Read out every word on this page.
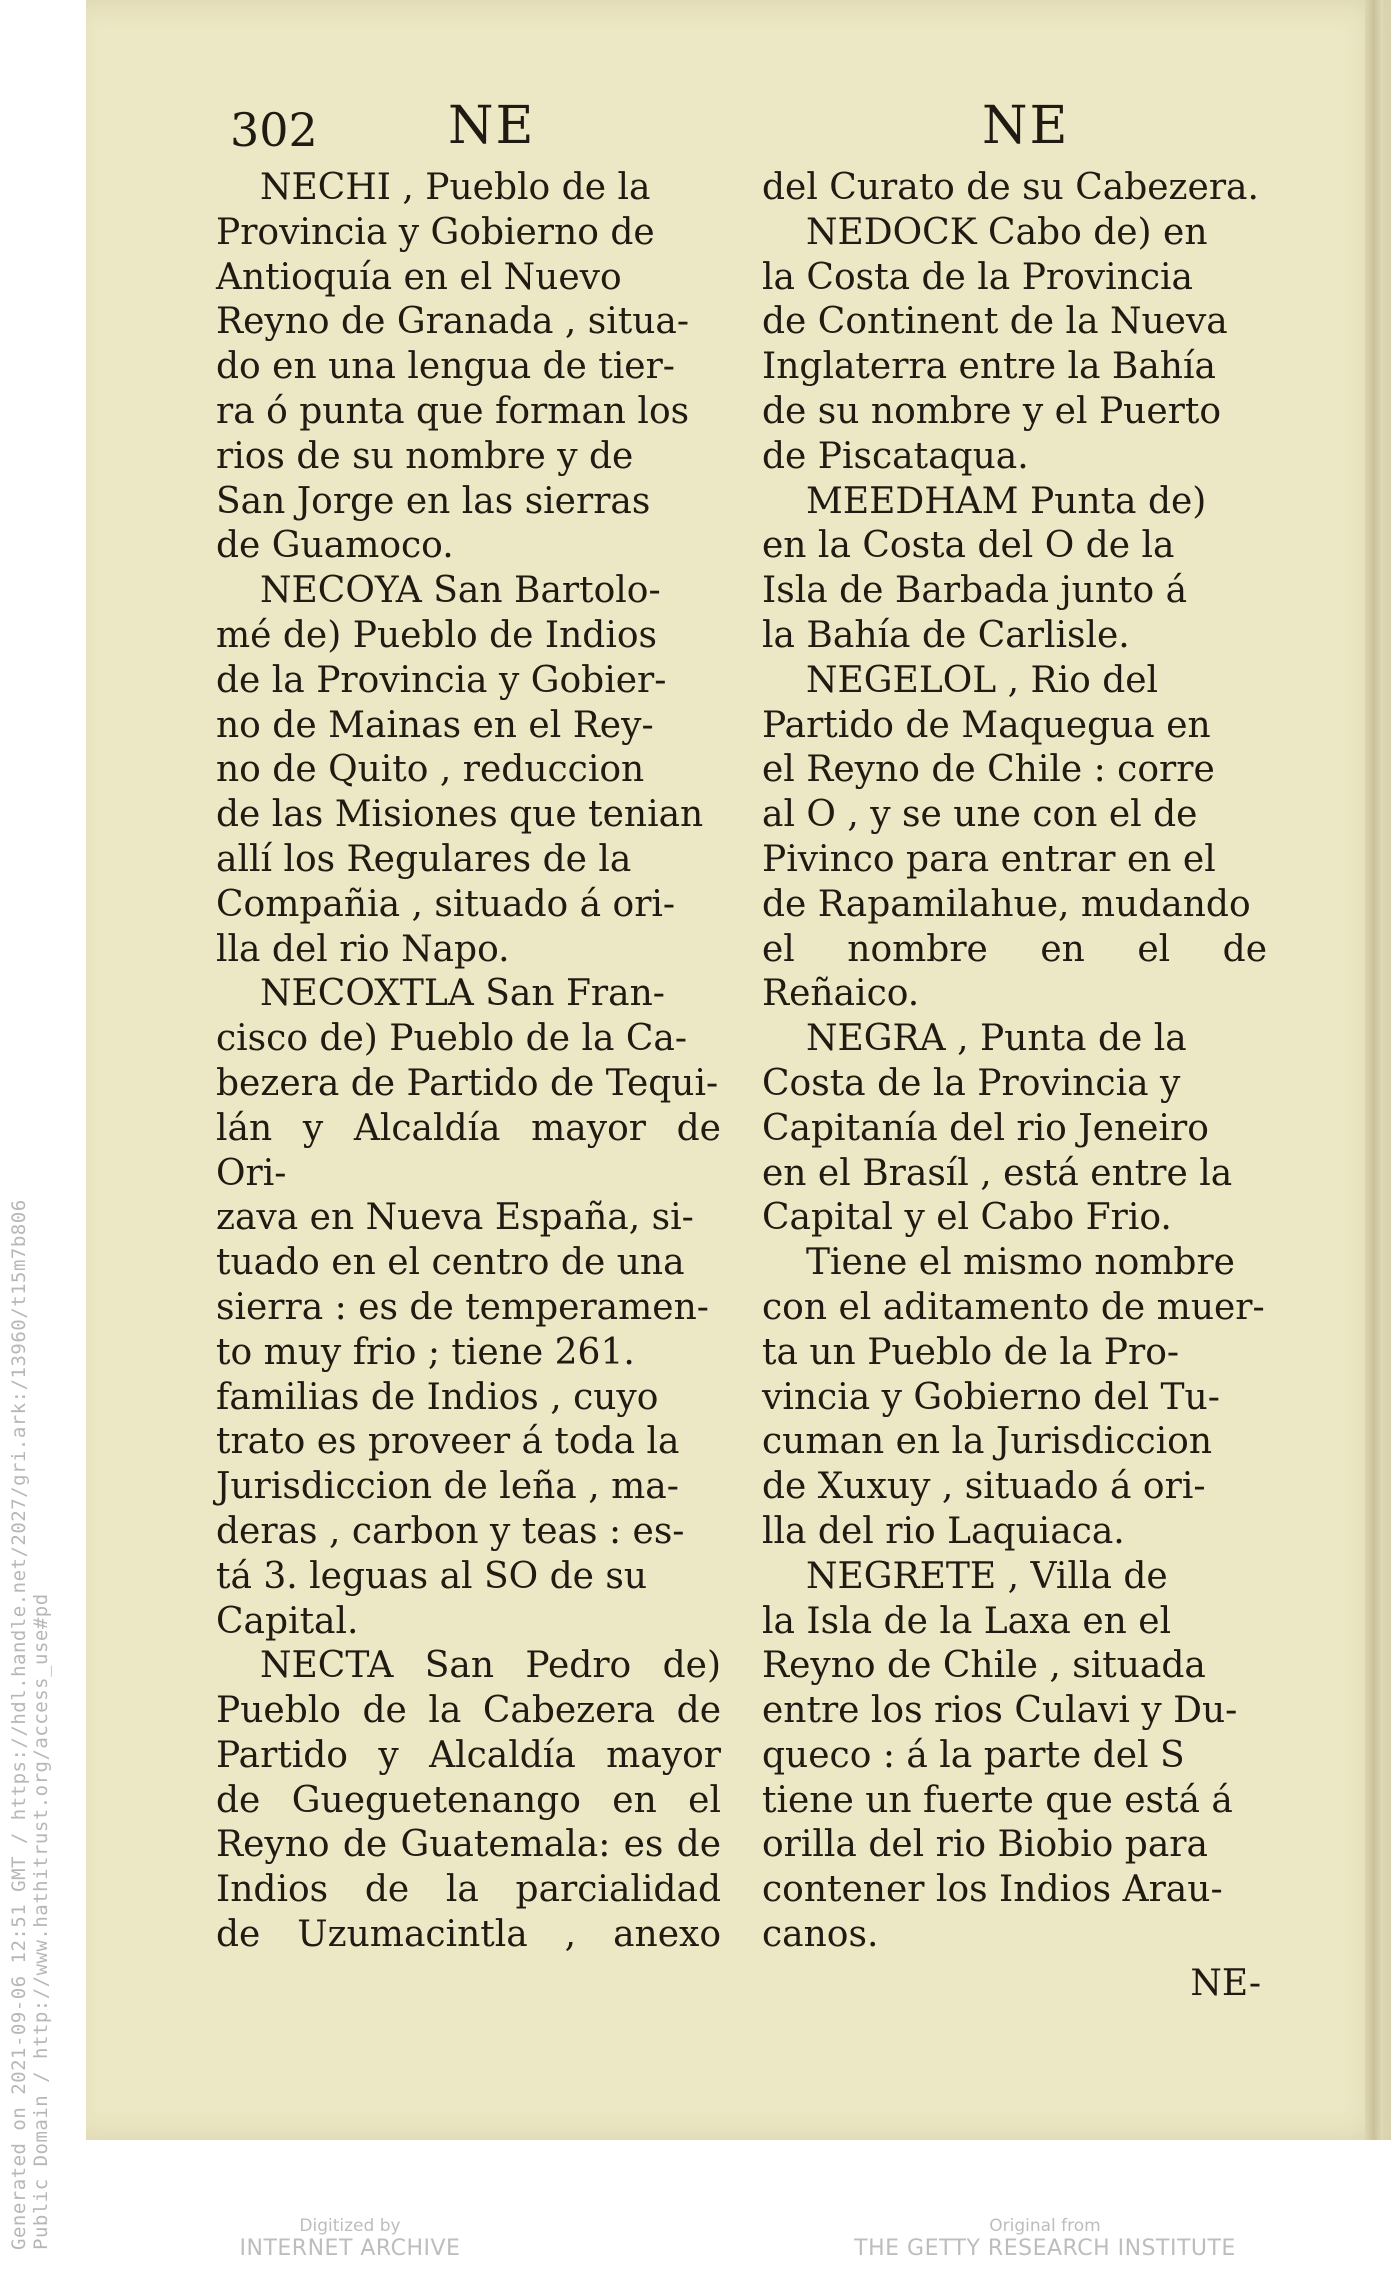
Generated on 2021-09-06 12:51 GMT / https://hdl.handle.net/2027/gri.ark:/13960/t15m7b806 Public Domain / http://www.hathitrust.org/access_use#pd
302	NE

NECHI , Pueblo de la
Provincia y Gobierno de
Antioquía en el Nuevo
Reyno de Granada , situa-
do en una lengua de tier-
ra ó punta que forman los
rios de su nombre y de
San Jorge en las sierras
de Guamoco.

NECOYA San Bartolo-
mé de) Pueblo de Indios
de la Provincia y Gobier-
no de Mainas en el Rey-
no de Quito , reduccion
de las Misiones que tenian
allí los Regulares de la
Compañia , situado á ori-
lla del rio Napo.

NECOXTLA San Fran-
cisco de) Pueblo de la Ca-
bezera de Partido de Tequi-
lán y Alcaldía mayor de Ori-
zava en Nueva España, si-
tuado en el centro de una
sierra : es de temperamen-
to muy frio ; tiene 261.
familias de Indios , cuyo
trato es proveer á toda la
Jurisdiccion de leña , ma-
deras , carbon y teas : es-
tá 3. leguas al SO de su
Capital.

NECTA San Pedro de)
Pueblo de la Cabezera de
Partido y Alcaldía mayor
de Gueguetenango en el
Reyno de Guatemala: es de
Indios de la parcialidad
de Uzumacintla , anexo

NE

del Curato de su Cabezera.

NEDOCK Cabo de) en
la Costa de la Provincia
de Continent de la Nueva
Inglaterra entre la Bahía
de su nombre y el Puerto
de Piscataqua.

MEEDHAM Punta de)
en la Costa del O de la
Isla de Barbada junto á
la Bahía de Carlisle.

NEGELOL , Rio del
Partido de Maquegua en
el Reyno de Chile : corre
al O , y se une con el de
Pivinco para entrar en el
de Rapamilahue, mudando
el nombre en el de Reñaico.

NEGRA , Punta de la
Costa de la Provincia y
Capitanía del rio Jeneiro
en el Brasíl , está entre la
Capital y el Cabo Frio.

Tiene el mismo nombre
con el aditamento de muer-
ta un Pueblo de la Pro-
vincia y Gobierno del Tu-
cuman en la Jurisdiccion
de Xuxuy , situado á ori-
lla del rio Laquiaca.

NEGRETE , Villa de
la Isla de la Laxa en el
Reyno de Chile , situada
entre los rios Culavi y Du-
queco : á la parte del S
tiene un fuerte que está á
orilla del rio Biobio para
contener los Indios Arau-
canos.

NE-
Digitized by
INTERNET ARCHIVE
Original from
THE GETTY RESEARCH INSTITUTE
